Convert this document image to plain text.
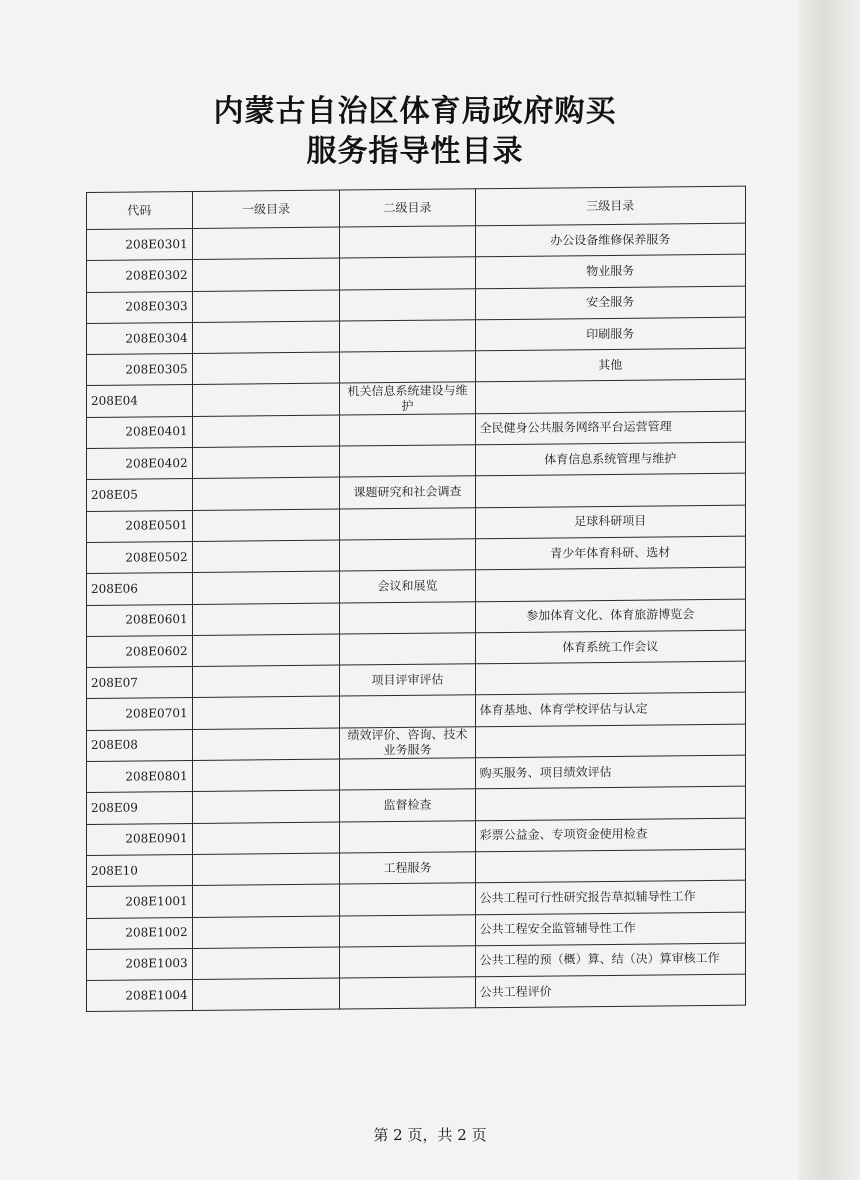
内蒙古自治区体育局政府购买
服务指导性目录
代码	一级目录	二级目录	三级目录
208E0301			办公设备维修保养服务
208E0302			物业服务
208E0303			安全服务
208E0304			印刷服务
208E0305			其他
208E04		机关信息系统建设与维护	
208E0401			全民健身公共服务网络平台运营管理
208E0402			体育信息系统管理与维护
208E05		课题研究和社会调查	
208E0501			足球科研项目
208E0502			青少年体育科研、选材
208E06		会议和展览	
208E0601			参加体育文化、体育旅游博览会
208E0602			体育系统工作会议
208E07		项目评审评估	
208E0701			体育基地、体育学校评估与认定
208E08		绩效评价、咨询、技术业务服务	
208E0801			购买服务、项目绩效评估
208E09		监督检查	
208E0901			彩票公益金、专项资金使用检查
208E10		工程服务	
208E1001			公共工程可行性研究报告草拟辅导性工作
208E1002			公共工程安全监管辅导性工作
208E1003			公共工程的预（概）算、结（决）算审核工作
208E1004			公共工程评价
第 2 页，共 2 页
